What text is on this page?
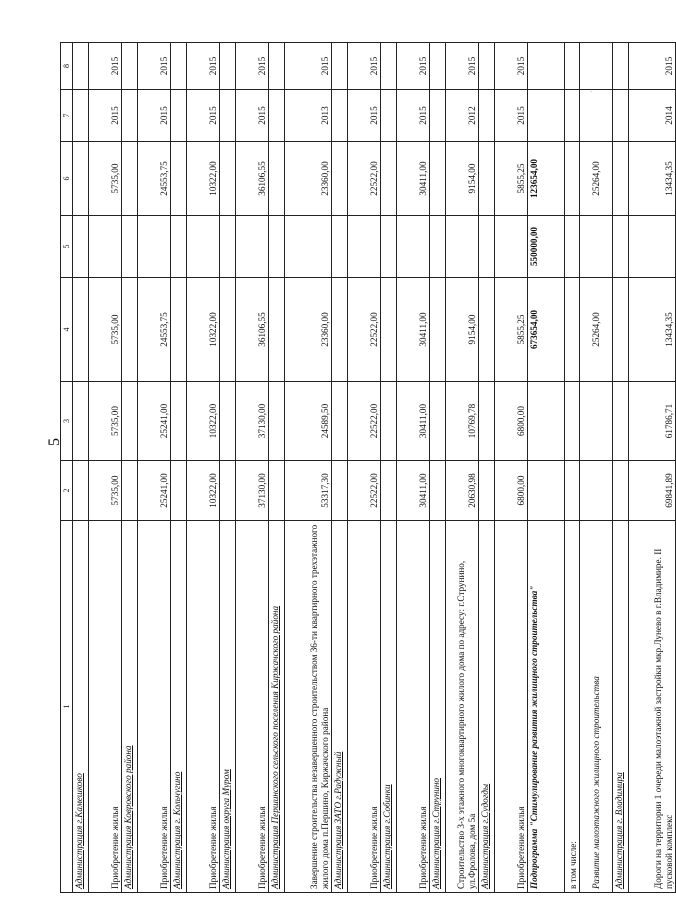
5
·
1	2	3	4	5	6	7	8
Администрация г.Камешково							
Приобретение жилья	5735,00	5735,00	5735,00		5735,00	2015	2015
Администрация Ковровского района							
Приобретение жилья	25241,00	25241,00	24553,75		24553,75	2015	2015
Администрация г. Кольчугино							
Приобретение жилья	10322,00	10322,00	10322,00		10322,00	2015	2015
Администрация округа Муром							
Приобретение жилья	37130,00	37130,00	36106,55		36106,55	2015	2015
Администрация Першинского сельского поселения Киржачского района							
Завершение строительства незавершенного строительством 36-ти квартирного трехэтажного жилого дома п.Першино, Киржачского района	53317,30	24589,50	23360,00		23360,00	2013	2015
Администрация ЗАТО г.Радужный							
Приобретение жилья	22522,00	22522,00	22522,00		22522,00	2015	2015
Администрация г.Собинки							
Приобретение жилья	30411,00	30411,00	30411,00		30411,00	2015	2015
Администрация г.Струнино							
Строительство 3-х этажного многоквартирного жилого дома по адресу: г.Струнино, ул.Фролова, дом 5а	20630,98	10769,78	9154,00		9154,00	2012	2015
Администрация г.Судогды							
Приобретение жилья	6800,00	6800,00	5855,25		5855,25	2015	2015
Подпрограмма "Стимулирование развития жилищного строительства"			673654,00	550000,00	123654,00		
в том числе:							
Развитие малоэтажного жилищного строительства			25264,00		25264,00		
Администрация г. Владимира							
Дороги на территории 1 очереди малоэтажной застройки мкр.Лунево в г.Владимире. II пусковой комплекс	69841,89	61786,71	13434,35		13434,35	2014	2015
